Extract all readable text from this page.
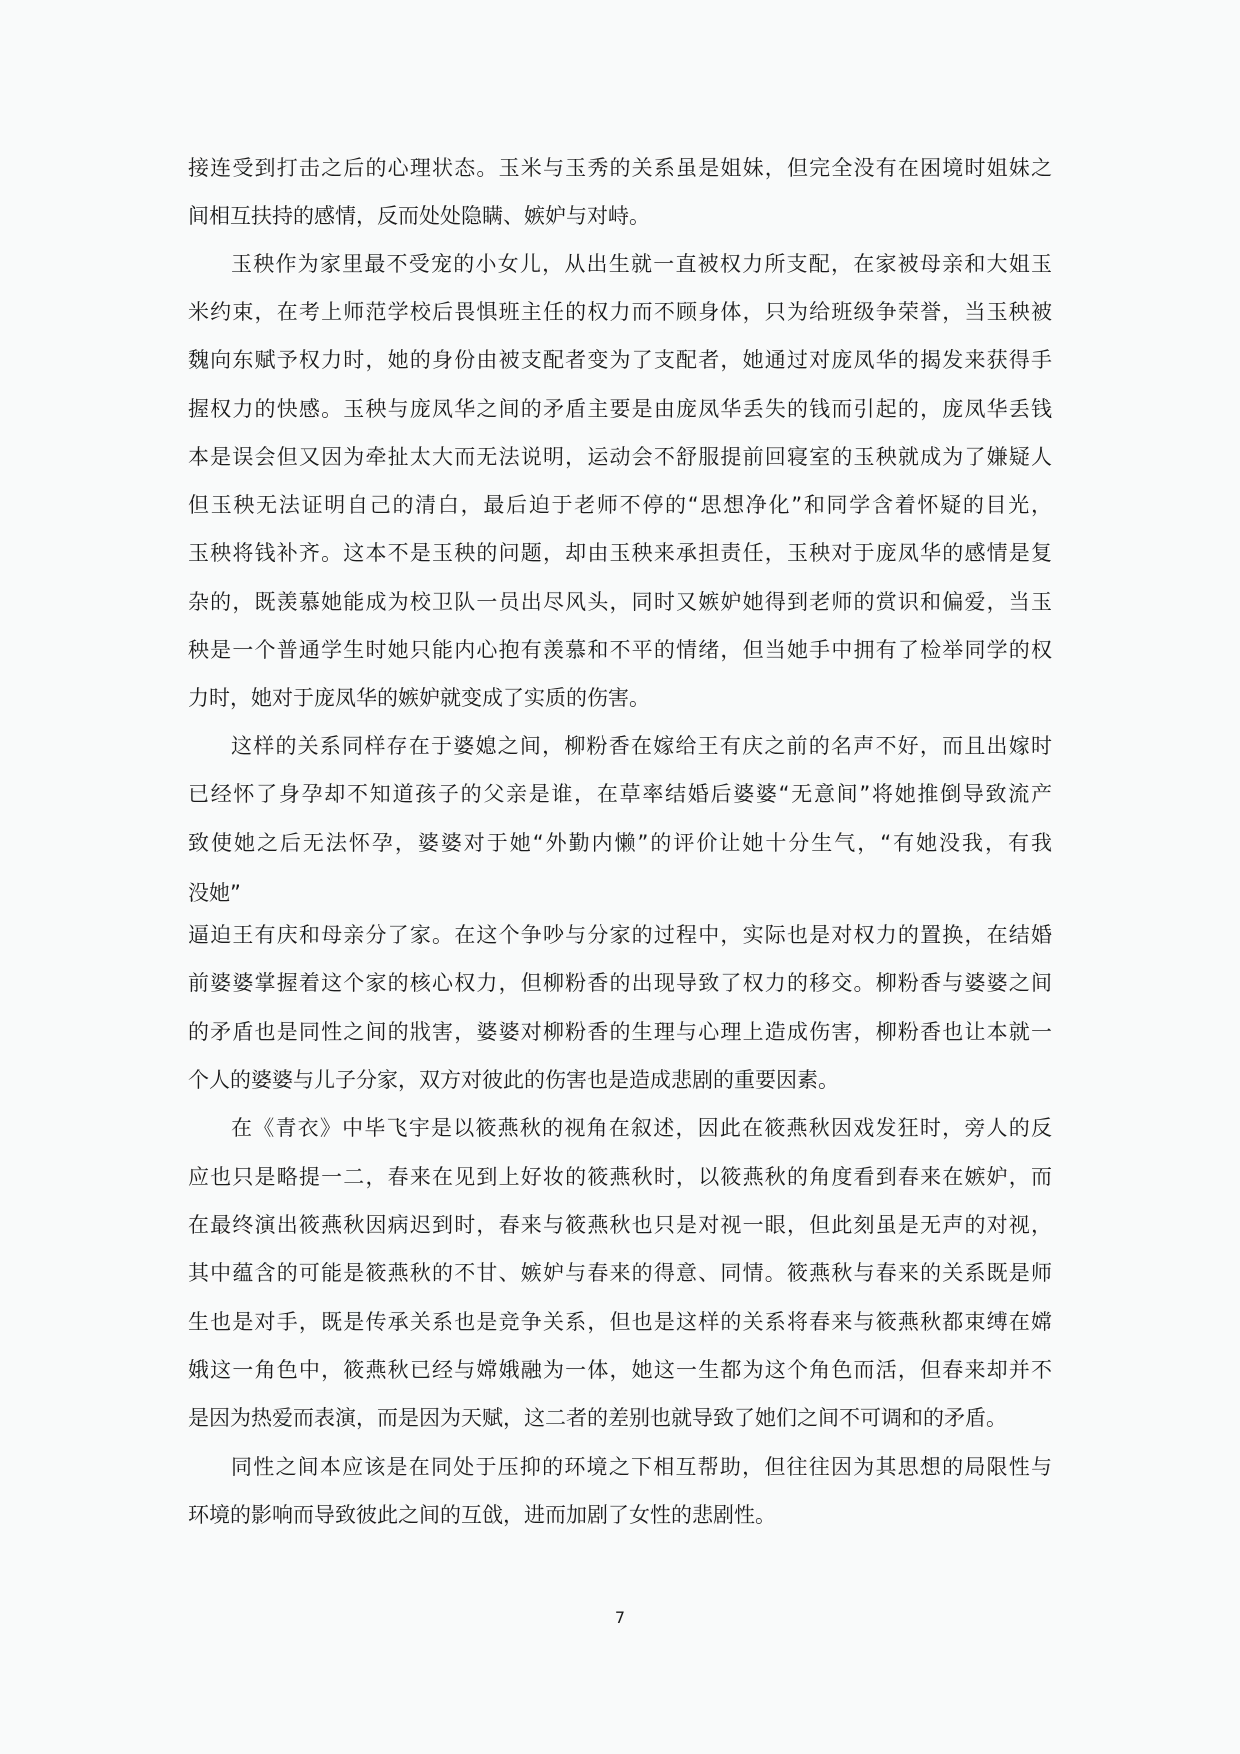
接连受到打击之后的心理状态。玉米与玉秀的关系虽是姐妹，但完全没有在困境时姐妹之
间相互扶持的感情，反而处处隐瞒、嫉妒与对峙。
玉秧作为家里最不受宠的小女儿，从出生就一直被权力所支配，在家被母亲和大姐玉
米约束，在考上师范学校后畏惧班主任的权力而不顾身体，只为给班级争荣誉，当玉秧被
魏向东赋予权力时，她的身份由被支配者变为了支配者，她通过对庞凤华的揭发来获得手
握权力的快感。玉秧与庞凤华之间的矛盾主要是由庞凤华丢失的钱而引起的，庞凤华丢钱
本是误会但又因为牵扯太大而无法说明，运动会不舒服提前回寝室的玉秧就成为了嫌疑人
但玉秧无法证明自己的清白，最后迫于老师不停的“思想净化”和同学含着怀疑的目光，
玉秧将钱补齐。这本不是玉秧的问题，却由玉秧来承担责任，玉秧对于庞凤华的感情是复
杂的，既羡慕她能成为校卫队一员出尽风头，同时又嫉妒她得到老师的赏识和偏爱，当玉
秧是一个普通学生时她只能内心抱有羡慕和不平的情绪，但当她手中拥有了检举同学的权
力时，她对于庞凤华的嫉妒就变成了实质的伤害。
这样的关系同样存在于婆媳之间，柳粉香在嫁给王有庆之前的名声不好，而且出嫁时
已经怀了身孕却不知道孩子的父亲是谁，在草率结婚后婆婆“无意间”将她推倒导致流产
致使她之后无法怀孕，婆婆对于她“外勤内懒”的评价让她十分生气，“有她没我，有我
没她”
逼迫王有庆和母亲分了家。在这个争吵与分家的过程中，实际也是对权力的置换，在结婚
前婆婆掌握着这个家的核心权力，但柳粉香的出现导致了权力的移交。柳粉香与婆婆之间
的矛盾也是同性之间的戕害，婆婆对柳粉香的生理与心理上造成伤害，柳粉香也让本就一
个人的婆婆与儿子分家，双方对彼此的伤害也是造成悲剧的重要因素。
在《青衣》中毕飞宇是以筱燕秋的视角在叙述，因此在筱燕秋因戏发狂时，旁人的反
应也只是略提一二，春来在见到上好妆的筱燕秋时，以筱燕秋的角度看到春来在嫉妒，而
在最终演出筱燕秋因病迟到时，春来与筱燕秋也只是对视一眼，但此刻虽是无声的对视，
其中蕴含的可能是筱燕秋的不甘、嫉妒与春来的得意、同情。筱燕秋与春来的关系既是师
生也是对手，既是传承关系也是竞争关系，但也是这样的关系将春来与筱燕秋都束缚在嫦
娥这一角色中，筱燕秋已经与嫦娥融为一体，她这一生都为这个角色而活，但春来却并不
是因为热爱而表演，而是因为天赋，这二者的差别也就导致了她们之间不可调和的矛盾。
同性之间本应该是在同处于压抑的环境之下相互帮助，但往往因为其思想的局限性与
环境的影响而导致彼此之间的互戗，进而加剧了女性的悲剧性。
7
